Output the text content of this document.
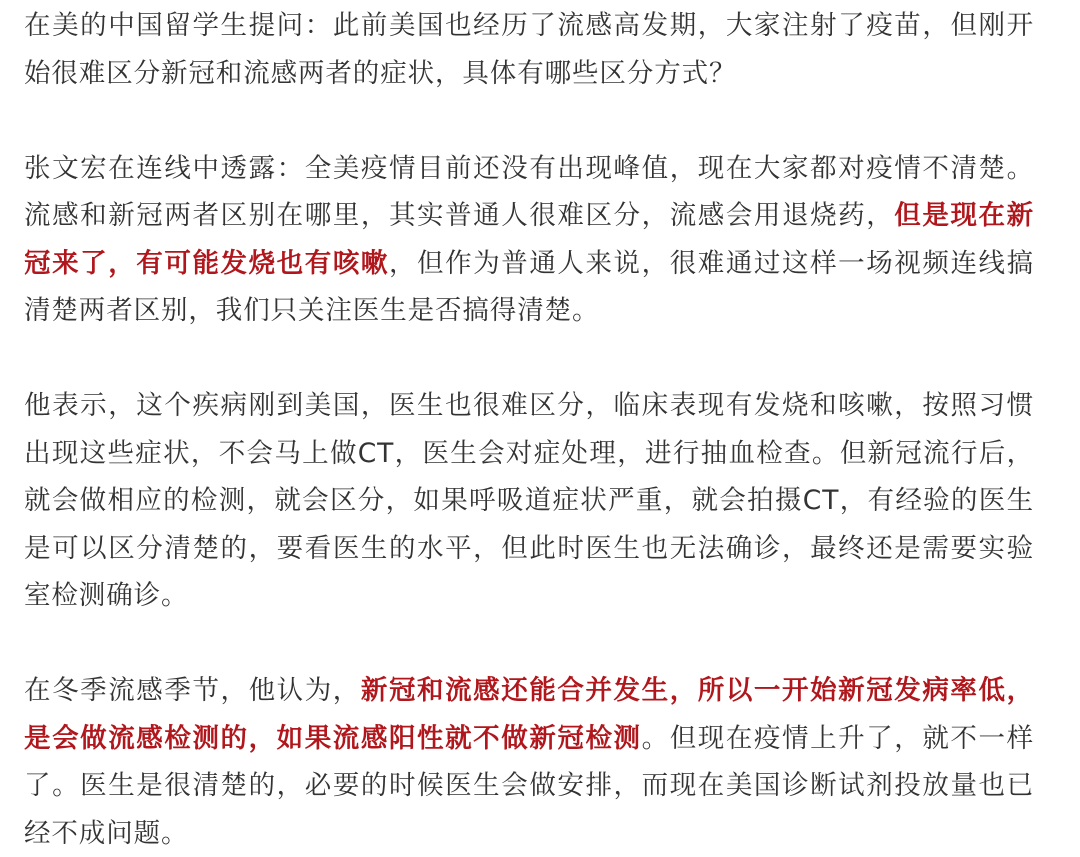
在美的中国留学生提问：此前美国也经历了流感高发期，大家注射了疫苗，但刚开始很难区分新冠和流感两者的症状，具体有哪些区分方式？

张文宏在连线中透露：全美疫情目前还没有出现峰值，现在大家都对疫情不清楚。流感和新冠两者区别在哪里，其实普通人很难区分，流感会用退烧药，但是现在新冠来了，有可能发烧也有咳嗽，但作为普通人来说，很难通过这样一场视频连线搞清楚两者区别，我们只关注医生是否搞得清楚。

他表示，这个疾病刚到美国，医生也很难区分，临床表现有发烧和咳嗽，按照习惯出现这些症状，不会马上做CT，医生会对症处理，进行抽血检查。但新冠流行后，就会做相应的检测，就会区分，如果呼吸道症状严重，就会拍摄CT，有经验的医生是可以区分清楚的，要看医生的水平，但此时医生也无法确诊，最终还是需要实验室检测确诊。

在冬季流感季节，他认为，新冠和流感还能合并发生，所以一开始新冠发病率低，是会做流感检测的，如果流感阳性就不做新冠检测。但现在疫情上升了，就不一样了。医生是很清楚的，必要的时候医生会做安排，而现在美国诊断试剂投放量也已经不成问题。
